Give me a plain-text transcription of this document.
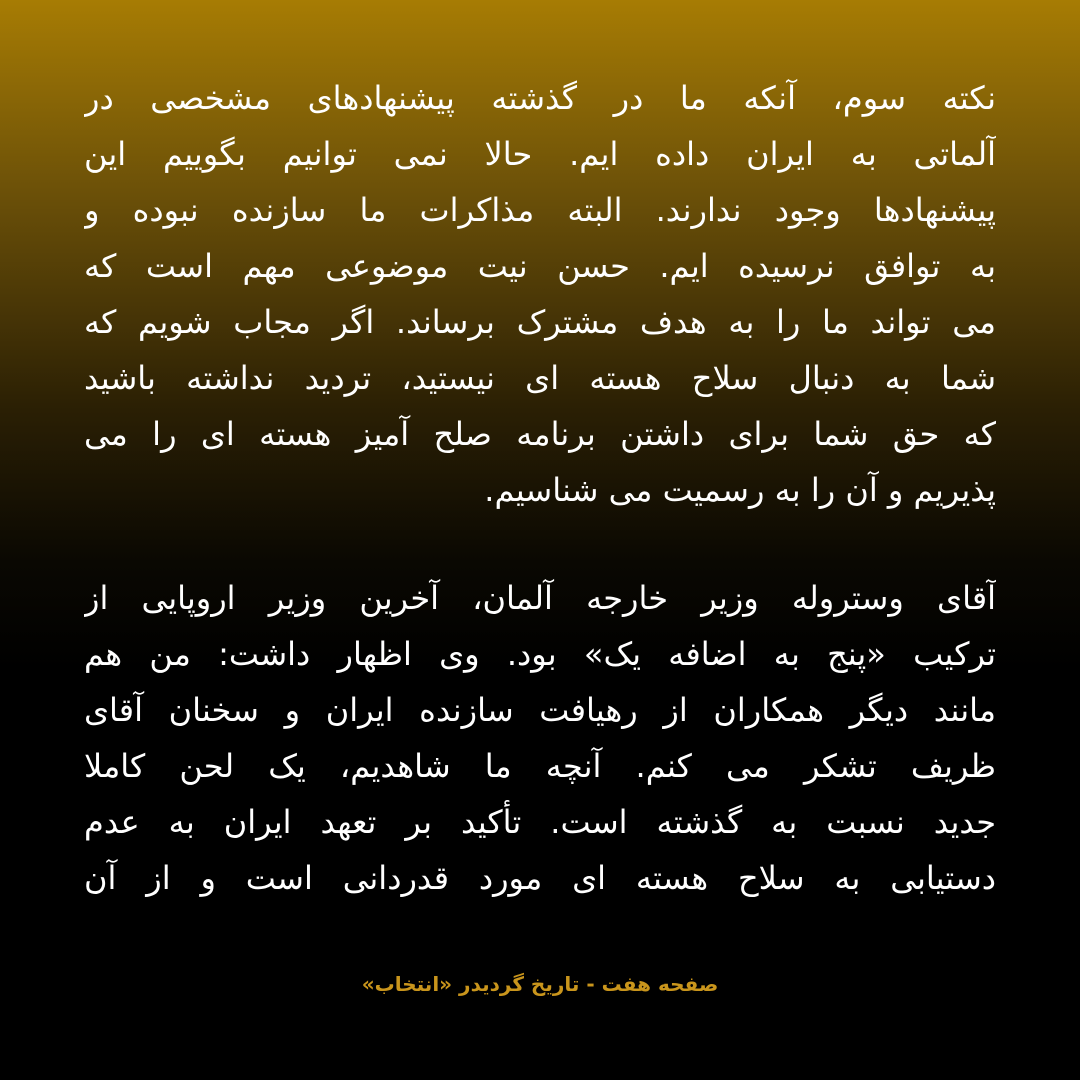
نکته سوم، آنکه ما در گذشته پیشنهادهای مشخصی در
آلماتی به ایران داده ایم. حالا نمی توانیم بگوییم این
پیشنهادها وجود ندارند. البته مذاکرات ما سازنده نبوده و
به توافق نرسیده ایم. حسن نیت موضوعی مهم است که
می تواند ما را به هدف مشترک برساند. اگر مجاب شویم که
شما به دنبال سلاح هسته ای نیستید، تردید نداشته باشید
که حق شما برای داشتن برنامه صلح آمیز هسته ای را می
پذیریم و آن را به رسمیت می شناسیم.
آقای وستروله وزیر خارجه آلمان، آخرین وزیر اروپایی از
ترکیب «پنج به اضافه یک» بود. وی اظهار داشت: من هم
مانند دیگر همکاران از رهیافت سازنده ایران و سخنان آقای
ظریف تشکر می کنم. آنچه ما شاهدیم، یک لحن کاملا
جدید نسبت به گذشته است. تأکید بر تعهد ایران به عدم
دستیابی به سلاح هسته ای مورد قدردانی است و از آن
صفحه هفت - تاریخ گردیدر «انتخاب»
